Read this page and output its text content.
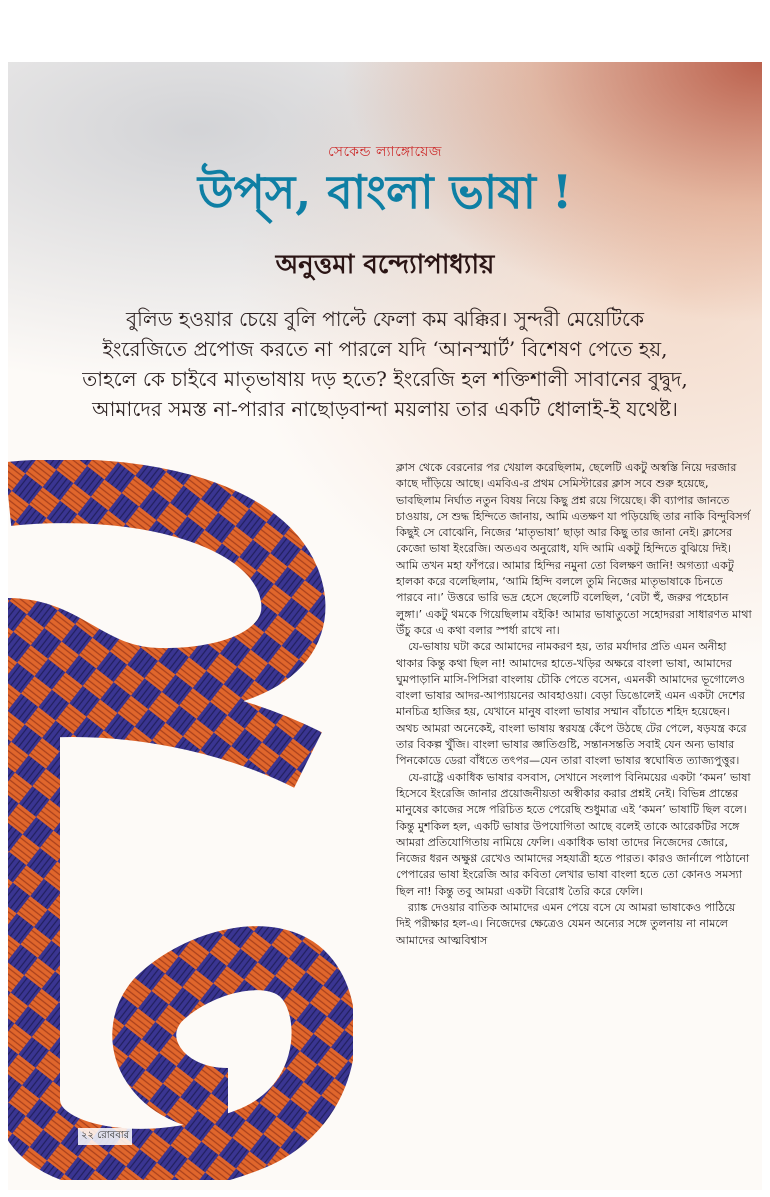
সেকেন্ড ল্যাঙ্গোয়েজ
উপ্‌স, বাংলা ভাষা !
অনুত্তমা বন্দ্যোপাধ্যায়

বুলিড হওয়ার চেয়ে বুলি পাল্টে ফেলা কম ঝক্কির। সুন্দরী মেয়েটিকে

ইংরেজিতে প্রপোজ করতে না পারলে যদি ‘আনস্মার্ট’ বিশেষণ পেতে হয়,

তাহলে কে চাইবে মাতৃভাষায় দড় হতে? ইংরেজি হল শক্তিশালী সাবানের বুদ্বুদ,

আমাদের সমস্ত না-পারার নাছোড়বান্দা ময়লায় তার একটি ধোলাই-ই যথেষ্ট।

উ

ক্লাস থেকে বেরনোর পর খেয়াল করেছিলাম, ছেলেটি একটু অস্বস্তি নিয়ে দরজার কাছে দাঁড়িয়ে আছে। এমবিএ-র প্রথম সেমিস্টারের ক্লাস সবে শুরু হয়েছে, ভাবছিলাম নির্ঘাত নতুন বিষয় নিয়ে কিছু প্রশ্ন রয়ে গিয়েছে। কী ব্যাপার জানতে চাওয়ায়, সে শুদ্ধ হিন্দিতে জানায়, আমি এতক্ষণ যা পড়িয়েছি তার নাকি বিন্দুবিসর্গ কিছুই সে বোঝেনি, নিজের ‘মাতৃভাষা’ ছাড়া আর কিছু তার জানা নেই। ক্লাসের কেজো ভাষা ইংরেজি। অতএব অনুরোধ, যদি আমি একটু হিন্দিতে বুঝিয়ে দিই। আমি তখন মহা ফাঁপরে। আমার হিন্দির নমুনা তো বিলক্ষণ জানি! অগত্যা একটু হালকা করে বলেছিলাম, ‘আমি হিন্দি বললে তুমি নিজের মাতৃভাষাকে চিনতে পারবে না।’ উত্তরে ভারি ভদ্র হেসে ছেলেটি বলেছিল, ‘বেটা হুঁ, জরুর পহেচান লুঙ্গা।’ একটু থমকে গিয়েছিলাম বইকি! আমার ভাষাতুতো সহোদররা সাধারণত মাথা উঁচু করে এ কথা বলার স্পর্ধা রাখে না।

যে-ভাষায় ঘটা করে আমাদের নামকরণ হয়, তার মর্যাদার প্রতি এমন অনীহা থাকার কিন্তু কথা ছিল না! আমাদের হাতে-খড়ির অক্ষরে বাংলা ভাষা, আমাদের ঘুমপাড়ানি মাসি-পিসিরা বাংলায় চৌকি পেতে বসেন, এমনকী আমাদের ভূগোলেও বাংলা ভাষার আদর-আপ্যায়নের আবহাওয়া। বেড়া ডিঙোলেই এমন একটা দেশের মানচিত্র হাজির হয়, যেখানে মানুষ বাংলা ভাষার সম্মান বাঁচাতে শহিদ হয়েছেন। অথচ আমরা অনেকেই, বাংলা ভাষায় স্বরযন্ত্র কেঁপে উঠছে টের পেলে, ষড়যন্ত্র করে তার বিকল্প খুঁজি। বাংলা ভাষার জ্ঞাতিগুষ্টি, সন্তানসন্ততি সবাই যেন অন্য ভাষার পিনকোডে ডেরা বাঁধতে তৎপর—যেন তারা বাংলা ভাষার স্বঘোষিত ত্যাজ্যপুত্তুর।

যে-রাষ্ট্রে একাধিক ভাষার বসবাস, সেখানে সংলাপ বিনিময়ের একটা ‘কমন’ ভাষা হিসেবে ইংরেজি জানার প্রয়োজনীয়তা অস্বীকার করার প্রশ্নই নেই। বিভিন্ন প্রান্তের মানুষের কাজের সঙ্গে পরিচিত হতে পেরেছি শুধুমাত্র এই ‘কমন’ ভাষাটি ছিল বলে। কিন্তু মুশকিল হল, একটি ভাষার উপযোগিতা আছে বলেই তাকে আরেকটির সঙ্গে আমরা প্রতিযোগিতায় নামিয়ে ফেলি। একাধিক ভাষা তাদের নিজেদের জোরে, নিজের ধরন অক্ষুণ্ণ রেখেও আমাদের সহযাত্রী হতে পারত। কারও জার্নালে পাঠানো পেপারের ভাষা ইংরেজি আর কবিতা লেখার ভাষা বাংলা হতে তো কোনও সমস্যা ছিল না! কিন্তু তবু আমরা একটা বিরোধ তৈরি করে ফেলি।

র‌্যাঙ্ক দেওয়ার বাতিক আমাদের এমন পেয়ে বসে যে আমরা ভাষাকেও পাঠিয়ে দিই পরীক্ষার হল-এ। নিজেদের ক্ষেত্রেও যেমন অন্যের সঙ্গে তুলনায় না নামলে আমাদের আত্মবিশ্বাস

২২ রোববার
